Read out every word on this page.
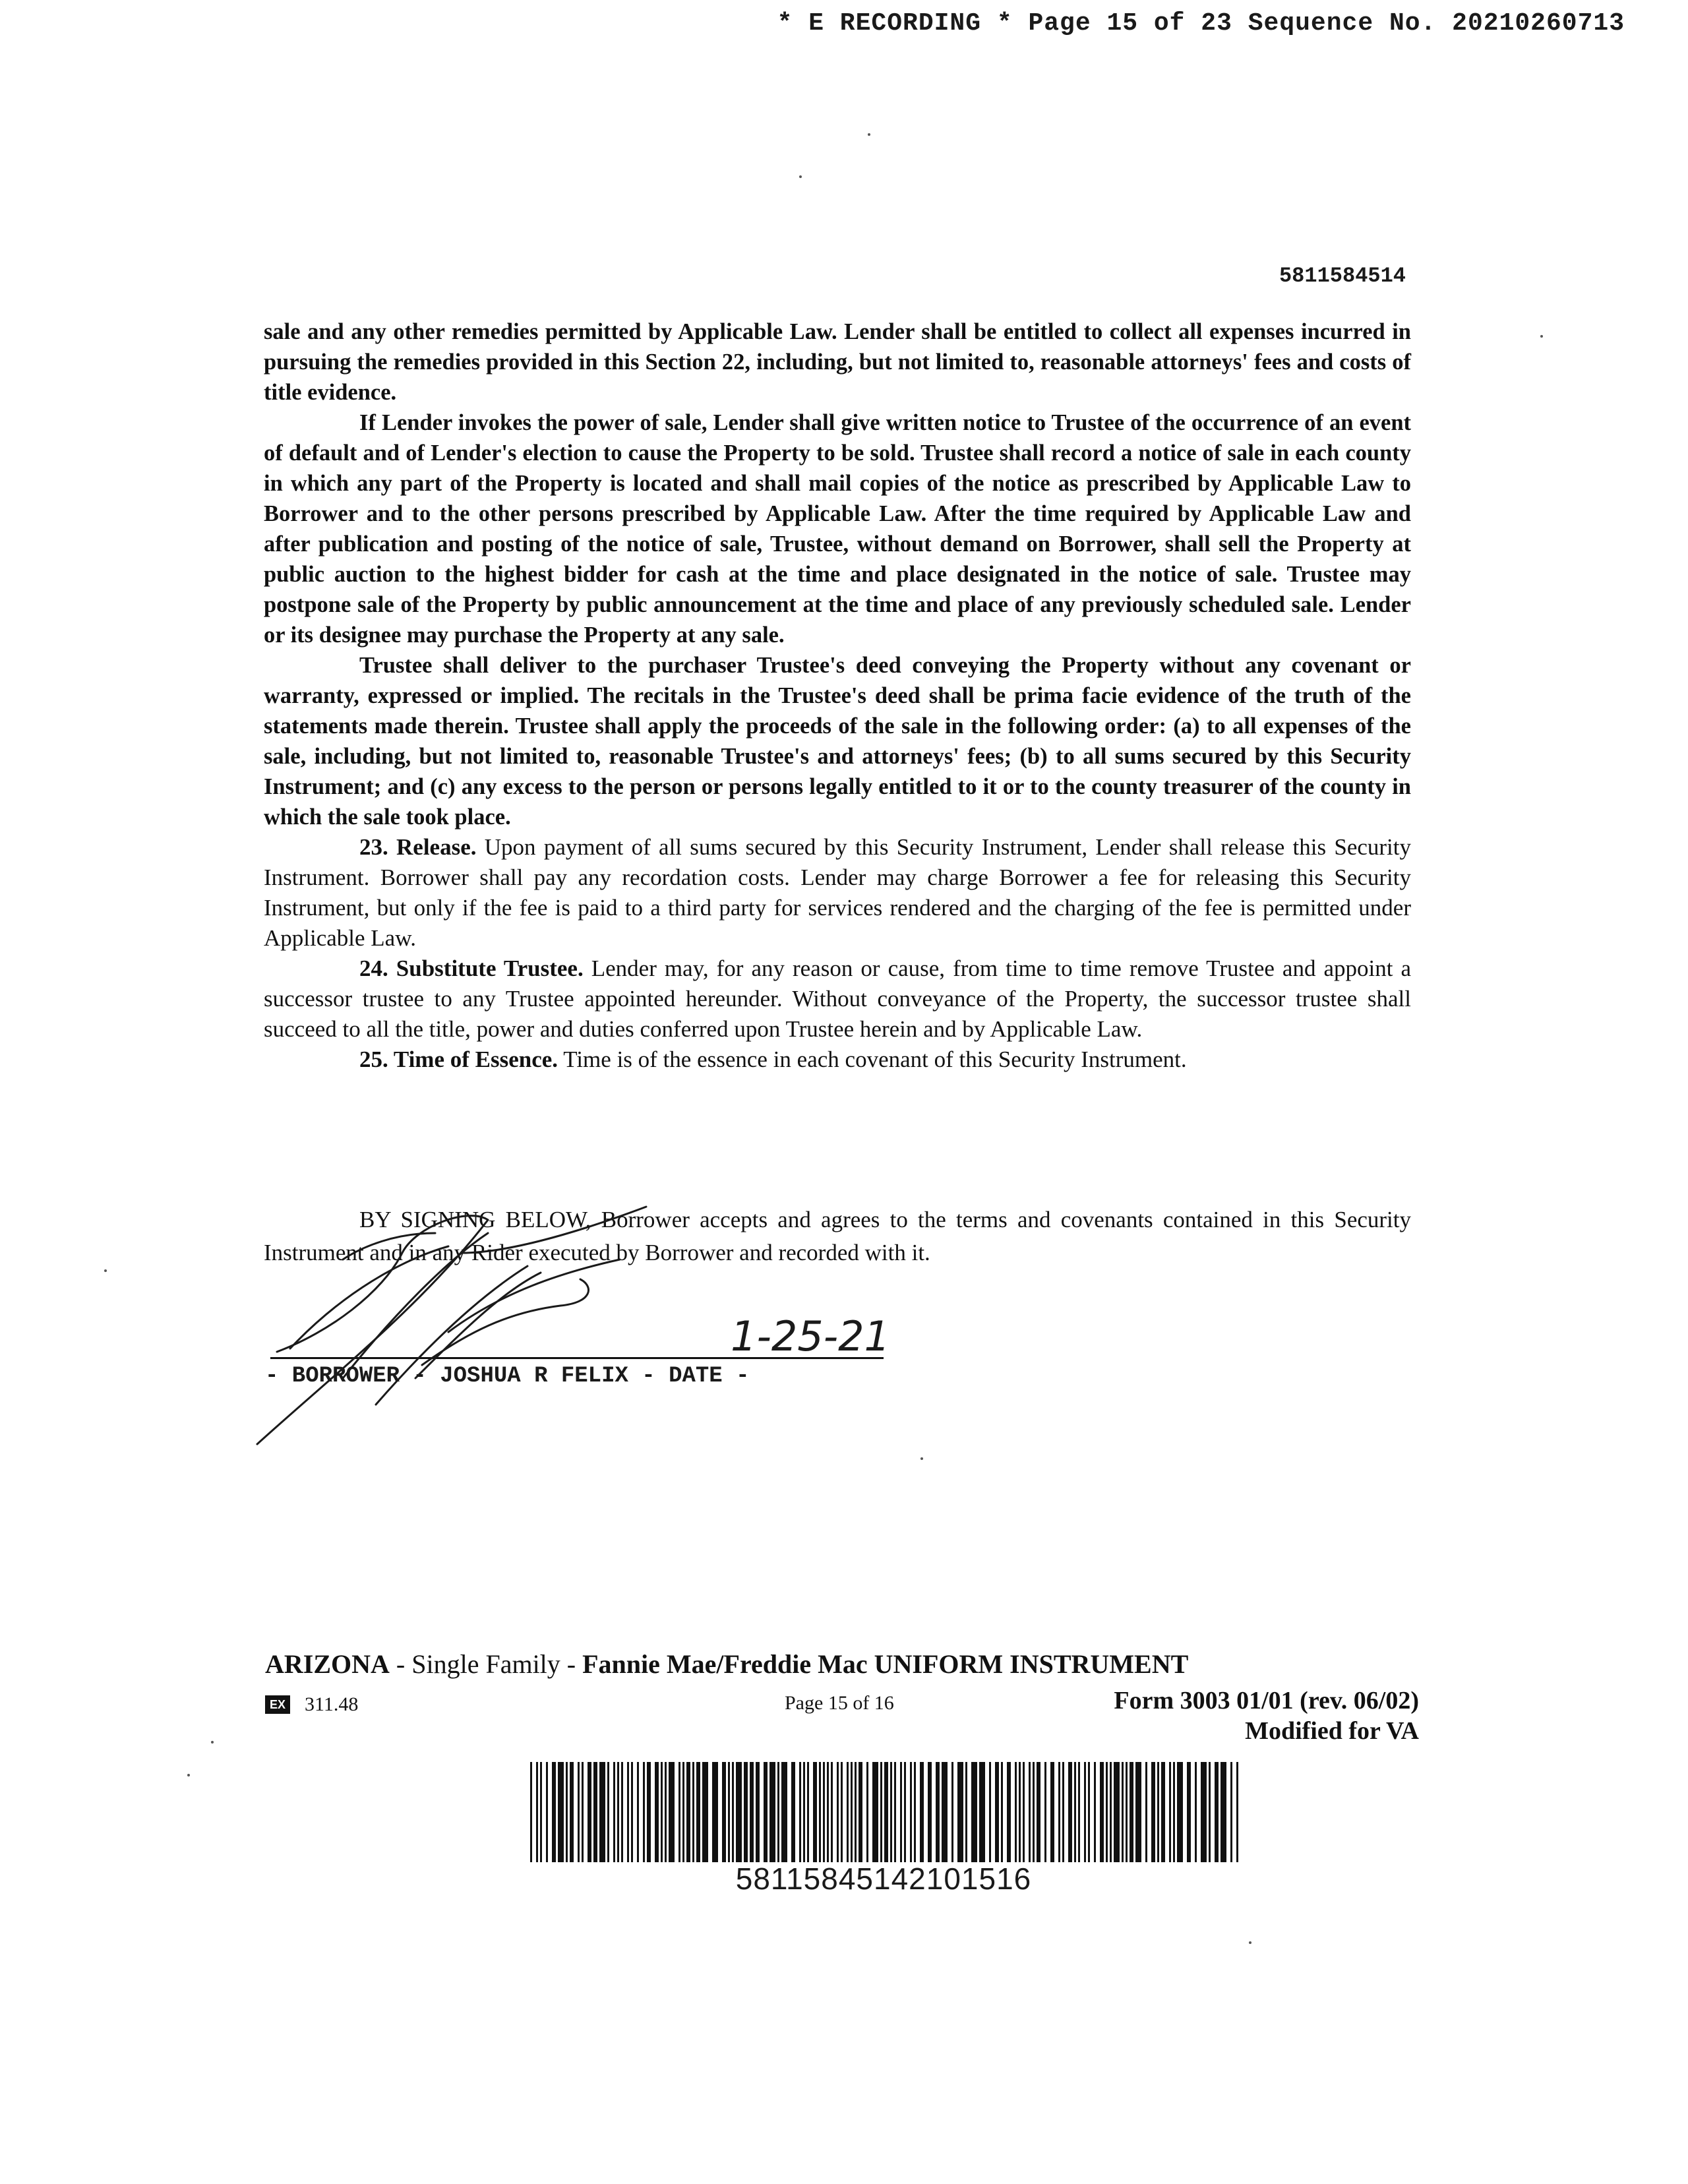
* E RECORDING * Page 15 of 23 Sequence No. 20210260713
5811584514

sale and any other remedies permitted by Applicable Law. Lender shall be entitled to collect all expenses incurred in pursuing the remedies provided in this Section 22, including, but not limited to, reasonable attorneys' fees and costs of title evidence.

If Lender invokes the power of sale, Lender shall give written notice to Trustee of the occurrence of an event of default and of Lender's election to cause the Property to be sold. Trustee shall record a notice of sale in each county in which any part of the Property is located and shall mail copies of the notice as prescribed by Applicable Law to Borrower and to the other persons prescribed by Applicable Law. After the time required by Applicable Law and after publication and posting of the notice of sale, Trustee, without demand on Borrower, shall sell the Property at public auction to the highest bidder for cash at the time and place designated in the notice of sale. Trustee may postpone sale of the Property by public announcement at the time and place of any previously scheduled sale. Lender or its designee may purchase the Property at any sale.

Trustee shall deliver to the purchaser Trustee's deed conveying the Property without any covenant or warranty, expressed or implied. The recitals in the Trustee's deed shall be prima facie evidence of the truth of the statements made therein. Trustee shall apply the proceeds of the sale in the following order: (a) to all expenses of the sale, including, but not limited to, reasonable Trustee's and attorneys' fees; (b) to all sums secured by this Security Instrument; and (c) any excess to the person or persons legally entitled to it or to the county treasurer of the county in which the sale took place.

23. Release. Upon payment of all sums secured by this Security Instrument, Lender shall release this Security Instrument. Borrower shall pay any recordation costs. Lender may charge Borrower a fee for releasing this Security Instrument, but only if the fee is paid to a third party for services rendered and the charging of the fee is permitted under Applicable Law.

24. Substitute Trustee. Lender may, for any reason or cause, from time to time remove Trustee and appoint a successor trustee to any Trustee appointed hereunder. Without conveyance of the Property, the successor trustee shall succeed to all the title, power and duties conferred upon Trustee herein and by Applicable Law.

25. Time of Essence. Time is of the essence in each covenant of this Security Instrument.

BY SIGNING BELOW, Borrower accepts and agrees to the terms and covenants contained in this Security Instrument and in any Rider executed by Borrower and recorded with it.

1-25-21
- BORROWER - JOSHUA R FELIX - DATE -
ARIZONA - Single Family - Fannie Mae/Freddie Mac UNIFORM INSTRUMENT
EX 311.48	Page 15 of 16	Form 3003 01/01 (rev. 06/02)
Modified for VA
58115845142101516
